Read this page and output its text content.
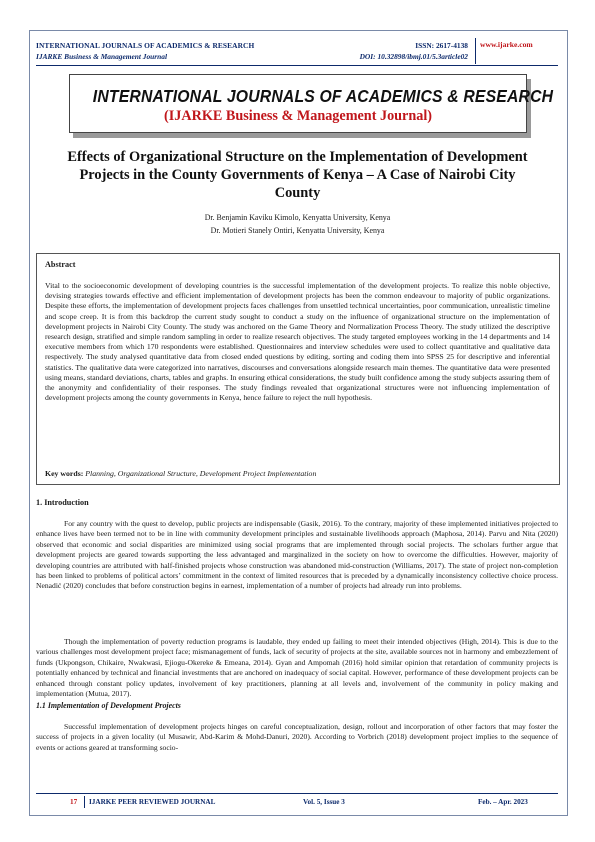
INTERNATIONAL JOURNALS OF ACADEMICS & RESEARCH
IJARKE Business & Management Journal
ISSN: 2617-4138
DOI: 10.32898/ibmj.01/5.3article02
www.ijarke.com
INTERNATIONAL JOURNALS OF ACADEMICS & RESEARCH
(IJARKE Business & Management Journal)
Effects of Organizational Structure on the Implementation of Development Projects in the County Governments of Kenya – A Case of Nairobi City County
Dr. Benjamin Kaviku Kimolo, Kenyatta University, Kenya
Dr. Motieri Stanely Ontiri, Kenyatta University, Kenya
Abstract
Vital to the socioeconomic development of developing countries is the successful implementation of the development projects. To realize this noble objective, devising strategies towards effective and efficient implementation of development projects has been the common endeavour to majority of public organizations. Despite these efforts, the implementation of development projects faces challenges from unsettled technical uncertainties, poor communication, unrealistic timeline and scope creep. It is from this backdrop the current study sought to conduct a study on the influence of organizational structure on the implementation of development projects in Nairobi City County. The study was anchored on the Game Theory and Normalization Process Theory. The study utilized the descriptive research design, stratified and simple random sampling in order to realize research objectives. The study targeted employees working in the 14 departments and 14 executive members from which 170 respondents were established. Questionnaires and interview schedules were used to collect quantitative and qualitative data respectively. The study analysed quantitative data from closed ended questions by editing, sorting and coding them into SPSS 25 for descriptive and inferential statistics. The qualitative data were categorized into narratives, discourses and conversations alongside research main themes. The quantitative data were presented using means, standard deviations, charts, tables and graphs. In ensuring ethical considerations, the study built confidence among the study subjects assuring them of the anonymity and confidentiality of their responses. The study findings revealed that organizational structures were not influencing implementation of development projects among the county governments in Kenya, hence failure to reject the null hypothesis.
Key words: Planning, Organizational Structure, Development Project Implementation
1. Introduction
For any country with the quest to develop, public projects are indispensable (Gasik, 2016). To the contrary, majority of these implemented initiatives projected to enhance lives have been termed not to be in line with community development principles and sustainable livelihoods approach (Maphosa, 2014). Parvu and Nita (2020) observed that economic and social disparities are minimized using social programs that are implemented through social projects. The scholars further argue that development projects are geared towards supporting the less advantaged and marginalized in the society on how to overcome the difficulties. However, majority of developing countries are attributed with half-finished projects whose construction was abandoned mid-construction (Williams, 2017). The state of project non-completion has been linked to problems of political actors’ commitment in the context of limited resources that is preceded by a dynamically inconsistency collective choice process. Nenadić (2020) concludes that before construction begins in earnest, implementation of a number of projects had already run into problems.
Though the implementation of poverty reduction programs is laudable, they ended up failing to meet their intended objectives (High, 2014). This is due to the various challenges most development project face; mismanagement of funds, lack of security of projects at the site, available sources not in harmony and embezzlement of funds (Ukpongson, Chikaire, Nwakwasi, Ejiogu-Okereke & Emeana, 2014). Gyan and Ampomah (2016) hold similar opinion that retardation of community projects is potentially enhanced by technical and financial investments that are anchored on inadequacy of social capital. However, performance of these development projects can be enhanced through constant policy updates, involvement of key practitioners, planning at all levels and, involvement of the community in policy making and implementation (Mutua, 2017).
1.1 Implementation of Development Projects
Successful implementation of development projects hinges on careful conceptualization, design, rollout and incorporation of other factors that may foster the success of projects in a given locality (ul Musawir, Abd-Karim & Mohd-Danuri, 2020). According to Vorbrich (2018) development project implies to the sequence of events or actions geared at transforming socio-
17 IJARKE PEER REVIEWED JOURNAL	Vol. 5, Issue 3	Feb. – Apr. 2023
